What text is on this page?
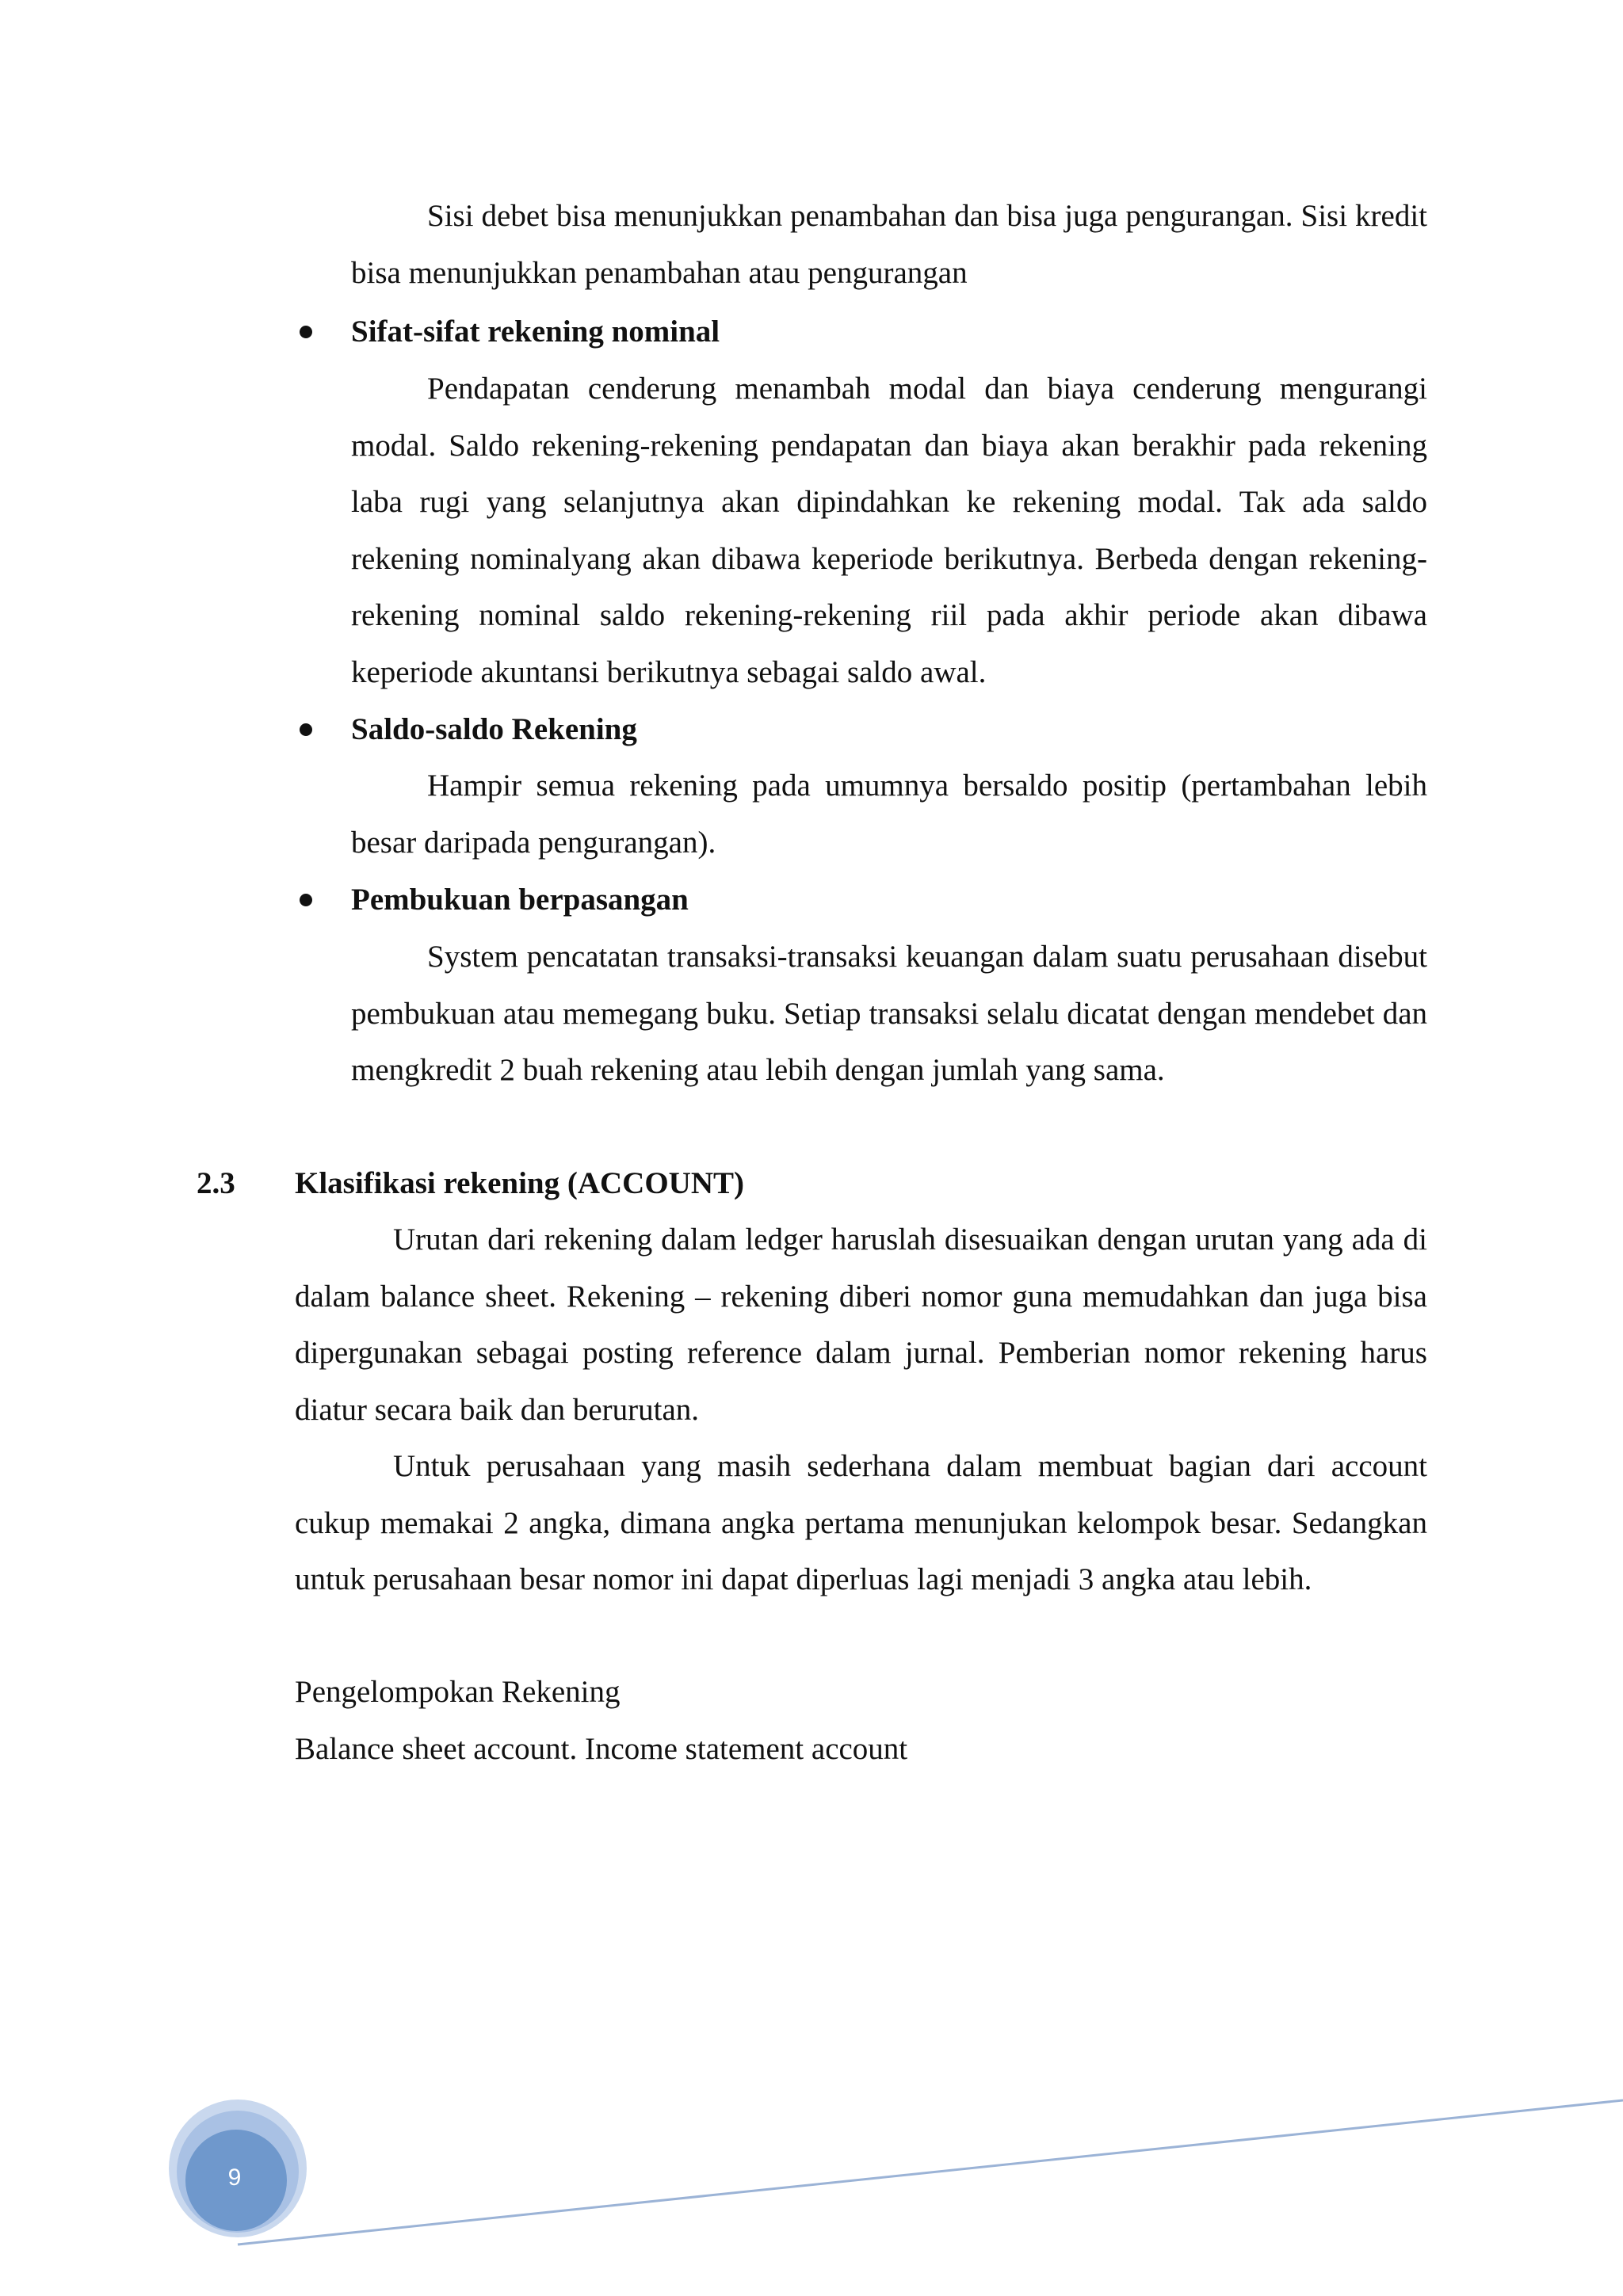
Sisi debet bisa menunjukkan penambahan dan bisa juga pengurangan. Sisi kredit bisa menunjukkan penambahan atau pengurangan

Sifat-sifat rekening nominal

Pendapatan cenderung menambah modal dan biaya cenderung mengurangi modal. Saldo rekening-rekening pendapatan dan biaya akan berakhir pada rekening laba rugi yang selanjutnya akan dipindahkan ke rekening modal. Tak ada saldo rekening nominalyang akan dibawa keperiode berikutnya. Berbeda dengan rekening-rekening nominal saldo rekening-rekening riil pada akhir periode akan dibawa keperiode akuntansi berikutnya sebagai saldo awal.

Saldo-saldo Rekening

Hampir semua rekening pada umumnya bersaldo positip (pertambahan lebih besar daripada pengurangan).

Pembukuan berpasangan

System pencatatan transaksi-transaksi keuangan dalam suatu perusahaan disebut pembukuan atau memegang buku. Setiap transaksi selalu dicatat dengan mendebet dan mengkredit 2 buah rekening atau lebih dengan jumlah yang sama.

2.3 Klasifikasi rekening (ACCOUNT)

Urutan dari rekening dalam ledger haruslah disesuaikan dengan urutan yang ada di dalam balance sheet. Rekening – rekening diberi nomor guna memudahkan dan juga bisa dipergunakan sebagai posting reference dalam jurnal. Pemberian nomor rekening harus diatur secara baik dan berurutan.

Untuk perusahaan yang masih sederhana dalam membuat bagian dari account cukup memakai 2 angka, dimana angka pertama menunjukan kelompok besar. Sedangkan untuk perusahaan besar nomor ini dapat diperluas lagi menjadi 3 angka atau lebih.

Pengelompokan Rekening

Balance sheet account. Income statement account

9
